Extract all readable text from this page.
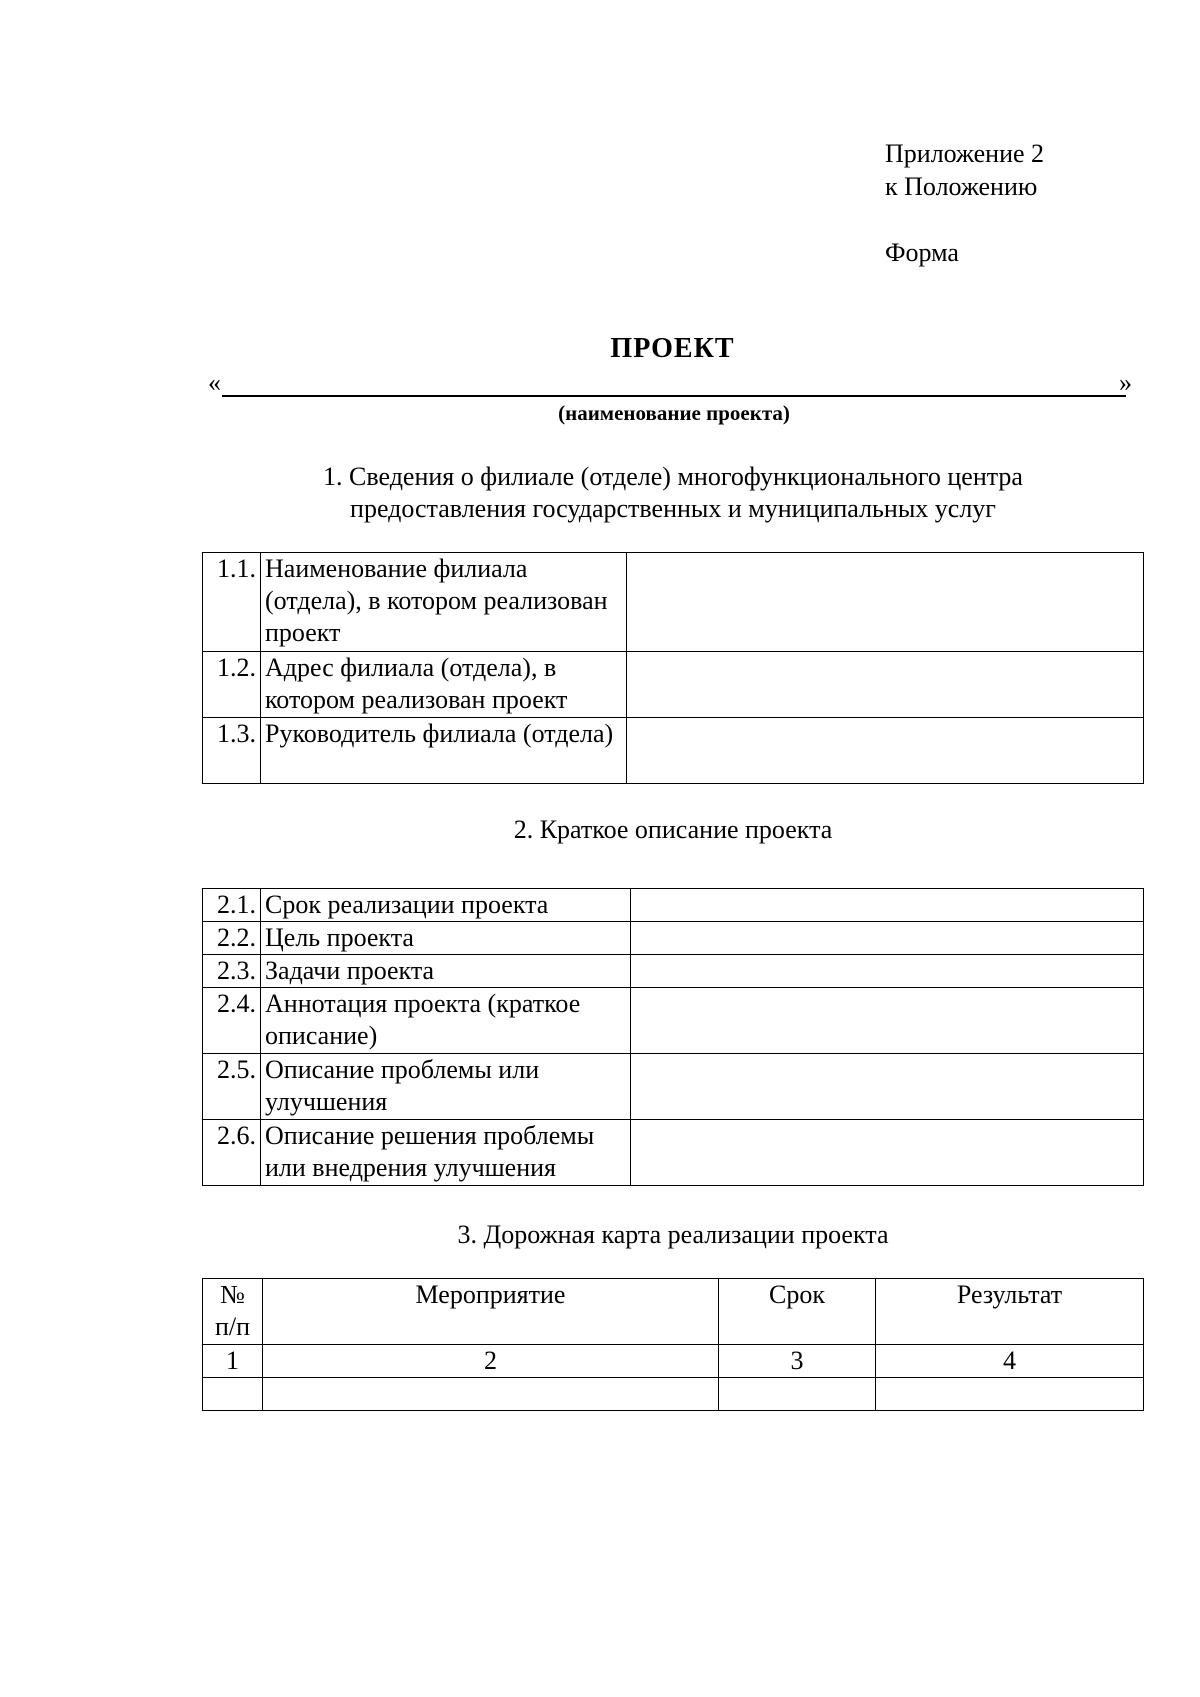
Приложение 2
к Положению
Форма
ПРОЕКТ
«	»
(наименование проекта)
1. Сведения о филиале (отделе) многофункционального центра
предоставления государственных и муниципальных услуг
1.1.	Наименование филиала (отдела), в котором реализован проект	
1.2.	Адрес филиала (отдела), в котором реализован проект	
1.3.	Руководитель филиала (отдела)	
2. Краткое описание проекта
2.1.	Срок реализации проекта	
2.2.	Цель проекта	
2.3.	Задачи проекта	
2.4.	Аннотация проекта (краткое описание)	
2.5.	Описание проблемы или улучшения	
2.6.	Описание решения проблемы или внедрения улучшения	
3. Дорожная карта реализации проекта
№ п/п	Мероприятие	Срок	Результат
1	2	3	4
